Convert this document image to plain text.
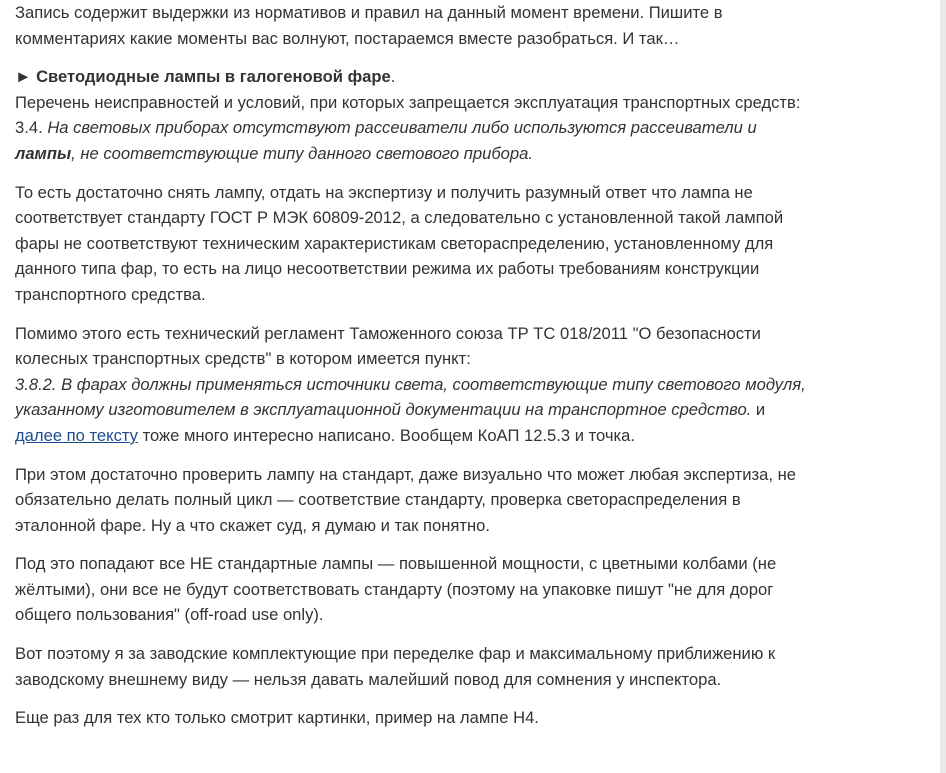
Запись содержит выдержки из нормативов и правил на данный момент времени. Пишите в комментариях какие моменты вас волнуют, постараемся вместе разобраться. И так…

► Светодиодные лампы в галогеновой фаре.
Перечень неисправностей и условий, при которых запрещается эксплуатация транспортных средств:
3.4. На световых приборах отсутствуют рассеиватели либо используются рассеиватели и лампы, не соответствующие типу данного светового прибора.

То есть достаточно снять лампу, отдать на экспертизу и получить разумный ответ что лампа не соответствует стандарту ГОСТ Р МЭК 60809-2012, а следовательно с установленной такой лампой фары не соответствуют техническим характеристикам светораспределению, установленному для данного типа фар, то есть на лицо несоответствии режима их работы требованиям конструкции транспортного средства.

Помимо этого есть технический регламент Таможенного союза ТР ТС 018/2011 "О безопасности колесных транспортных средств" в котором имеется пункт:
3.8.2. В фарах должны применяться источники света, соответствующие типу светового модуля, указанному изготовителем в эксплуатационной документации на транспортное средство. и далее по тексту тоже много интересно написано. Вообщем КоАП 12.5.3 и точка.

При этом достаточно проверить лампу на стандарт, даже визуально что может любая экспертиза, не обязательно делать полный цикл — соответствие стандарту, проверка светораспределения в эталонной фаре. Ну а что скажет суд, я думаю и так понятно.

Под это попадают все НЕ стандартные лампы — повышенной мощности, с цветными колбами (не жёлтыми), они все не будут соответствовать стандарту (поэтому на упаковке пишут "не для дорог общего пользования" (off-road use only).

Вот поэтому я за заводские комплектующие при переделке фар и максимальному приближению к заводскому внешнему виду — нельзя давать малейший повод для сомнения у инспектора.

Еще раз для тех кто только смотрит картинки, пример на лампе Н4.
